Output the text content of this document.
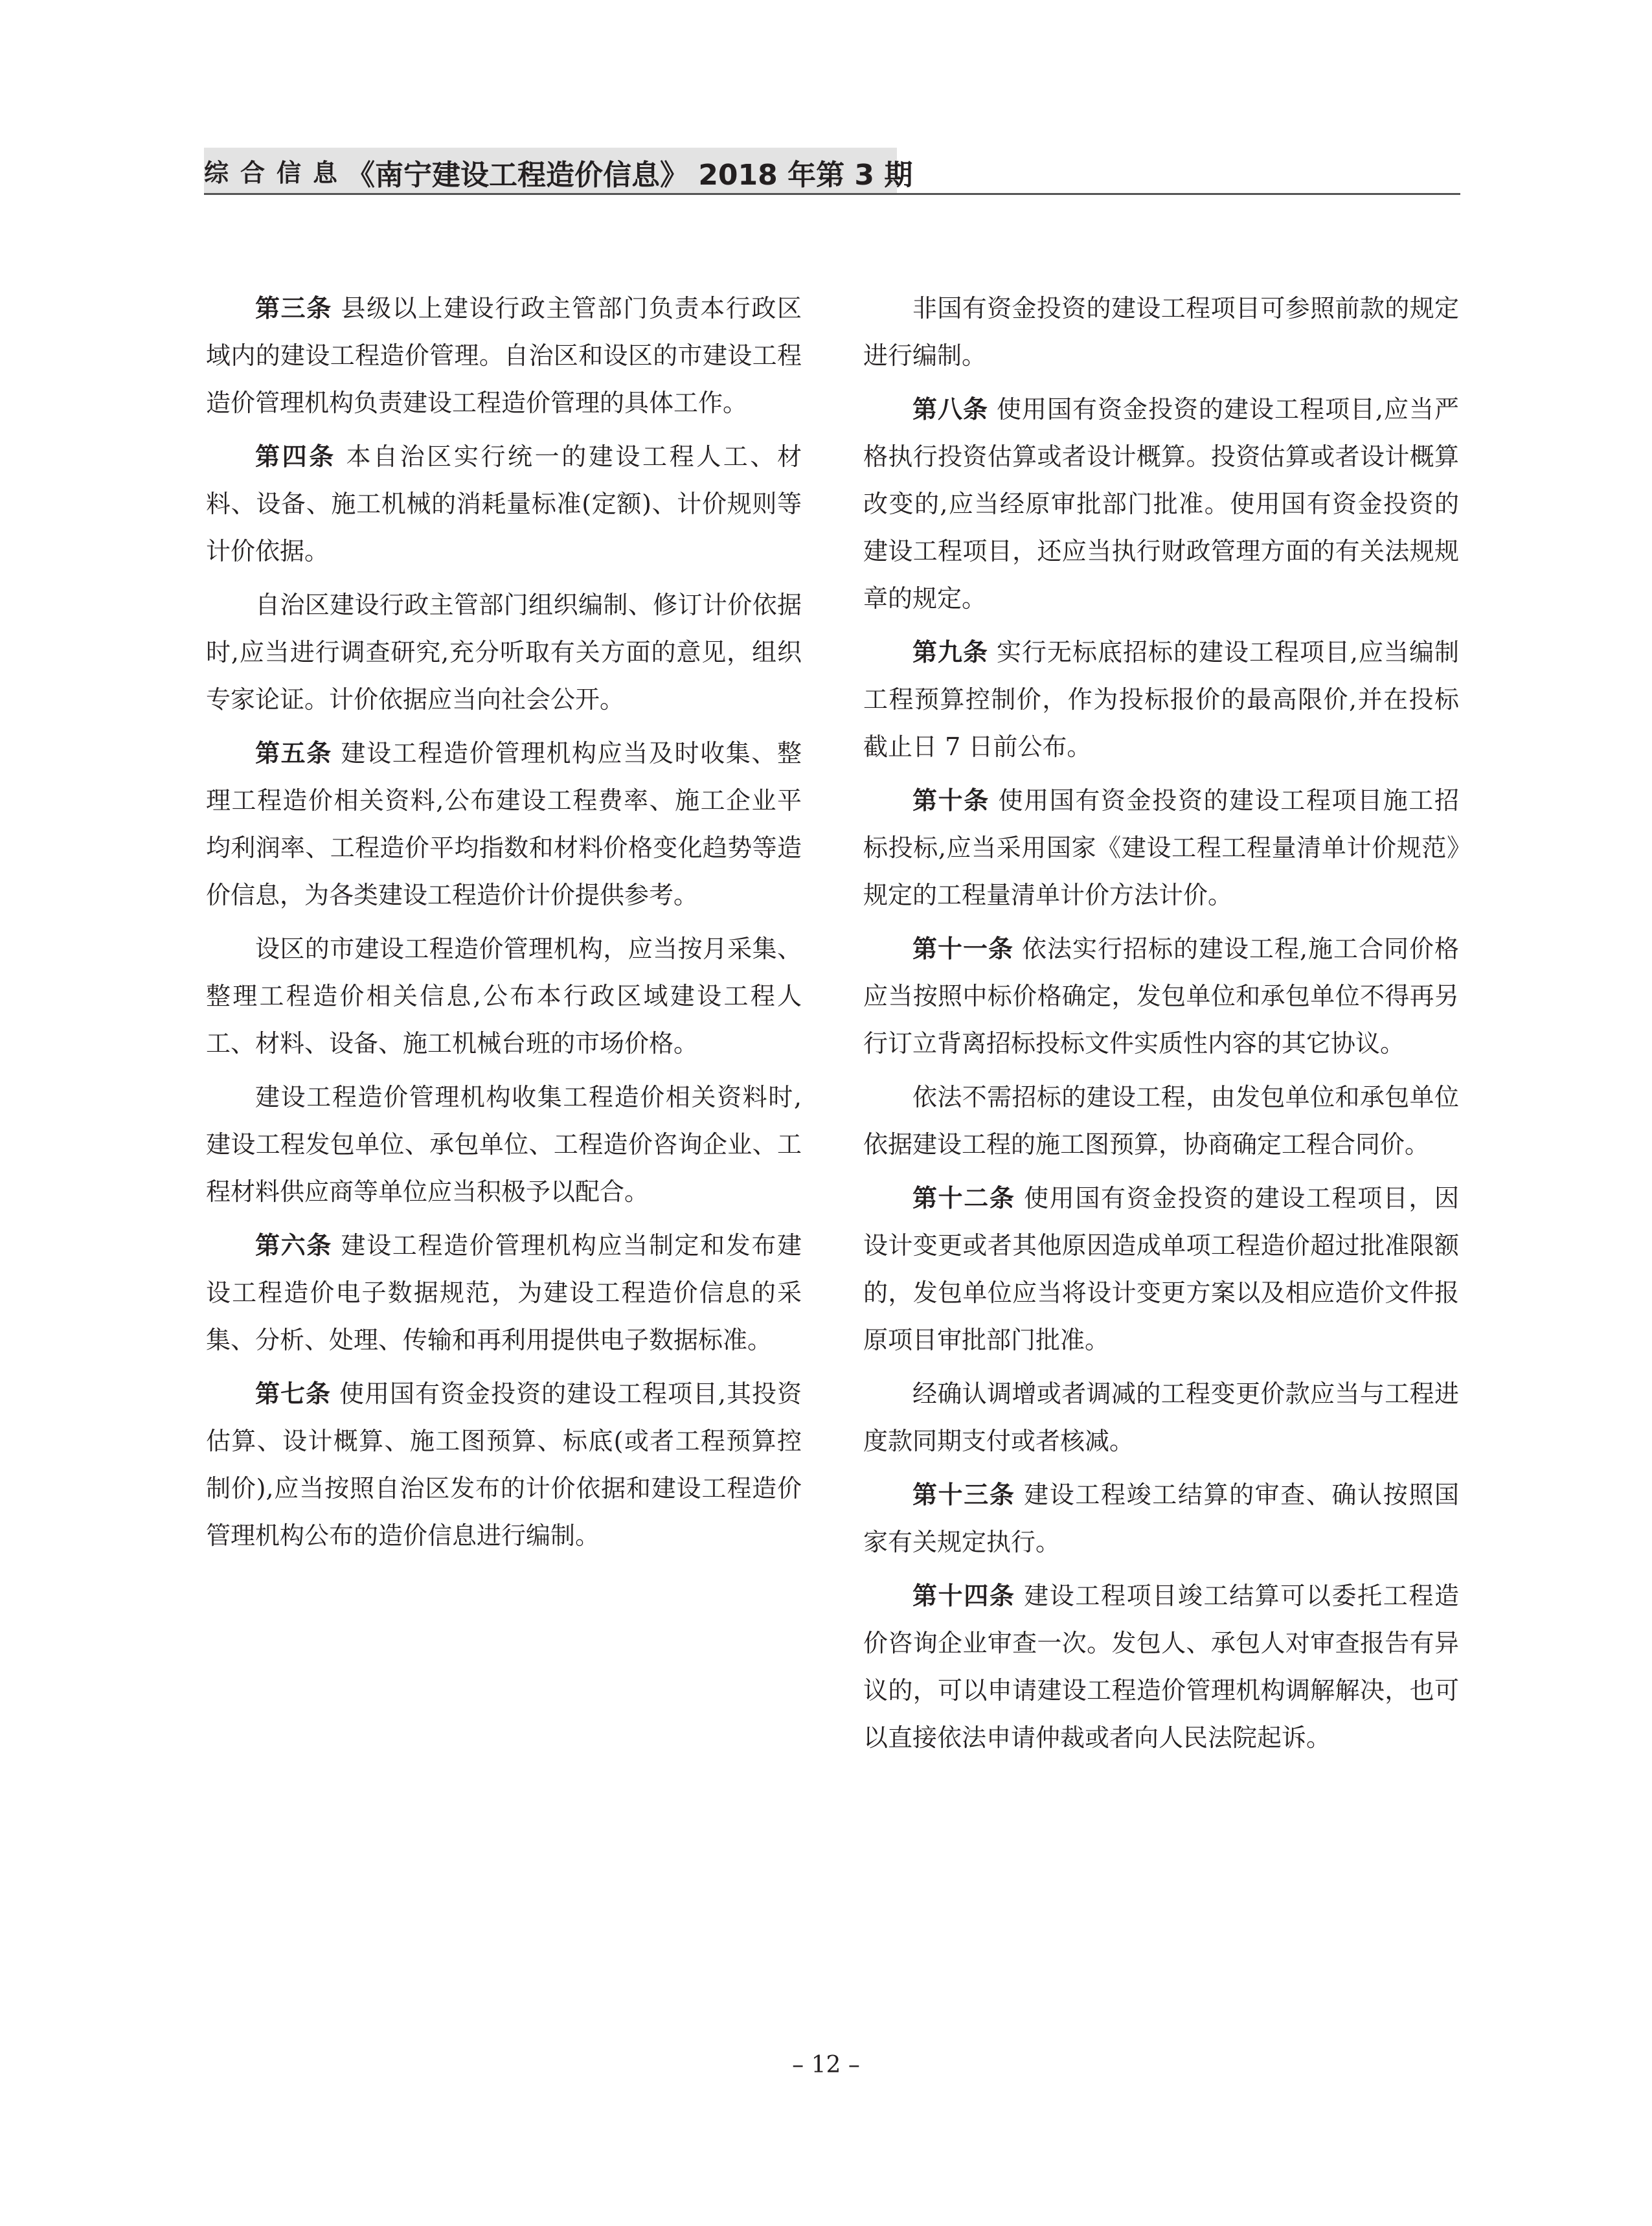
综合信息
《南宁建设工程造价信息》 2018 年第 3 期

第三条 县级以上建设行政主管部门负责本行政区域内的建设工程造价管理。自治区和设区的市建设工程造价管理机构负责建设工程造价管理的具体工作。

第四条 本自治区实行统一的建设工程人工、材料、设备、施工机械的消耗量标准(定额)、计价规则等计价依据。

自治区建设行政主管部门组织编制、修订计价依据时,应当进行调查研究,充分听取有关方面的意见，组织专家论证。计价依据应当向社会公开。

第五条 建设工程造价管理机构应当及时收集、整理工程造价相关资料,公布建设工程费率、施工企业平均利润率、工程造价平均指数和材料价格变化趋势等造价信息，为各类建设工程造价计价提供参考。

设区的市建设工程造价管理机构，应当按月采集、整理工程造价相关信息,公布本行政区域建设工程人工、材料、设备、施工机械台班的市场价格。

建设工程造价管理机构收集工程造价相关资料时,建设工程发包单位、承包单位、工程造价咨询企业、工程材料供应商等单位应当积极予以配合。

第六条 建设工程造价管理机构应当制定和发布建设工程造价电子数据规范，为建设工程造价信息的采集、分析、处理、传输和再利用提供电子数据标准。

第七条 使用国有资金投资的建设工程项目,其投资估算、设计概算、施工图预算、标底(或者工程预算控制价),应当按照自治区发布的计价依据和建设工程造价管理机构公布的造价信息进行编制。

非国有资金投资的建设工程项目可参照前款的规定进行编制。

第八条 使用国有资金投资的建设工程项目,应当严格执行投资估算或者设计概算。投资估算或者设计概算改变的,应当经原审批部门批准。使用国有资金投资的建设工程项目，还应当执行财政管理方面的有关法规规章的规定。

第九条 实行无标底招标的建设工程项目,应当编制工程预算控制价，作为投标报价的最高限价,并在投标截止日 7 日前公布。

第十条 使用国有资金投资的建设工程项目施工招标投标,应当采用国家《建设工程工程量清单计价规范》规定的工程量清单计价方法计价。

第十一条 依法实行招标的建设工程,施工合同价格应当按照中标价格确定，发包单位和承包单位不得再另行订立背离招标投标文件实质性内容的其它协议。

依法不需招标的建设工程，由发包单位和承包单位依据建设工程的施工图预算，协商确定工程合同价。

第十二条 使用国有资金投资的建设工程项目，因设计变更或者其他原因造成单项工程造价超过批准限额的，发包单位应当将设计变更方案以及相应造价文件报原项目审批部门批准。

经确认调增或者调减的工程变更价款应当与工程进度款同期支付或者核减。

第十三条 建设工程竣工结算的审查、确认按照国家有关规定执行。

第十四条 建设工程项目竣工结算可以委托工程造价咨询企业审查一次。发包人、承包人对审查报告有异议的，可以申请建设工程造价管理机构调解解决，也可以直接依法申请仲裁或者向人民法院起诉。

– 12 –
